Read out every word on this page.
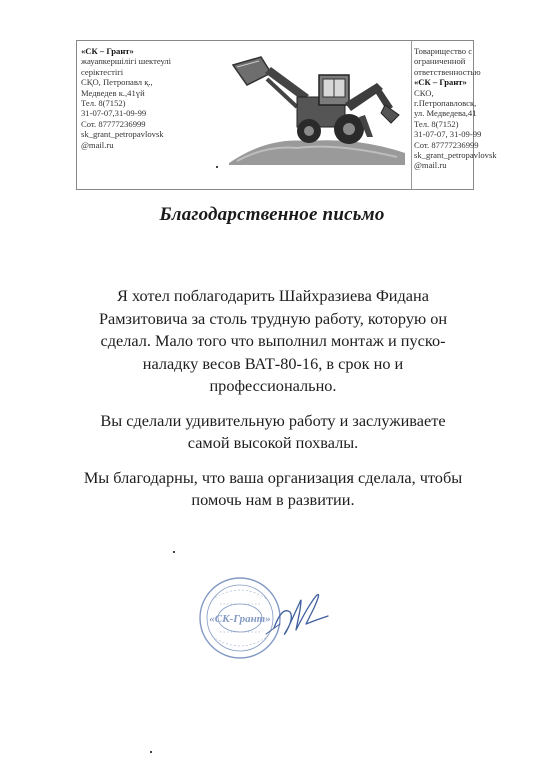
«СК – Грант»
жауапкершілігі шектеулі
серіктестігі
СҚО, Петропавл қ.,
Медведев к.,41үй
Тел. 8(7152)
31-07-07,31-09-99
Сот. 87777236999
sk_grant_petropavlovsk
@mail.ru
Товарищество с
ограниченной
ответственностью
«СК – Грант»
СКО,
г.Петропавловск,
ул. Медведева,41
Тел. 8(7152)
31-07-07, 31-09-99
Сот. 87777236999
sk_grant_petropavlovsk
@mail.ru
Благодарственное письмо

Я хотел поблагодарить Шайхразиева Фидана
Рамзитовича за столь трудную работу, которую он
сделал. Мало того что выполнил монтаж и пуско-
наладку весов ВАТ-80-16, в срок но и
профессионально.

Вы сделали удивительную работу и заслуживаете
самой высокой похвалы.

Мы благодарны, что ваша организация сделала, чтобы
помочь нам в развитии.

«СК-Грант»
